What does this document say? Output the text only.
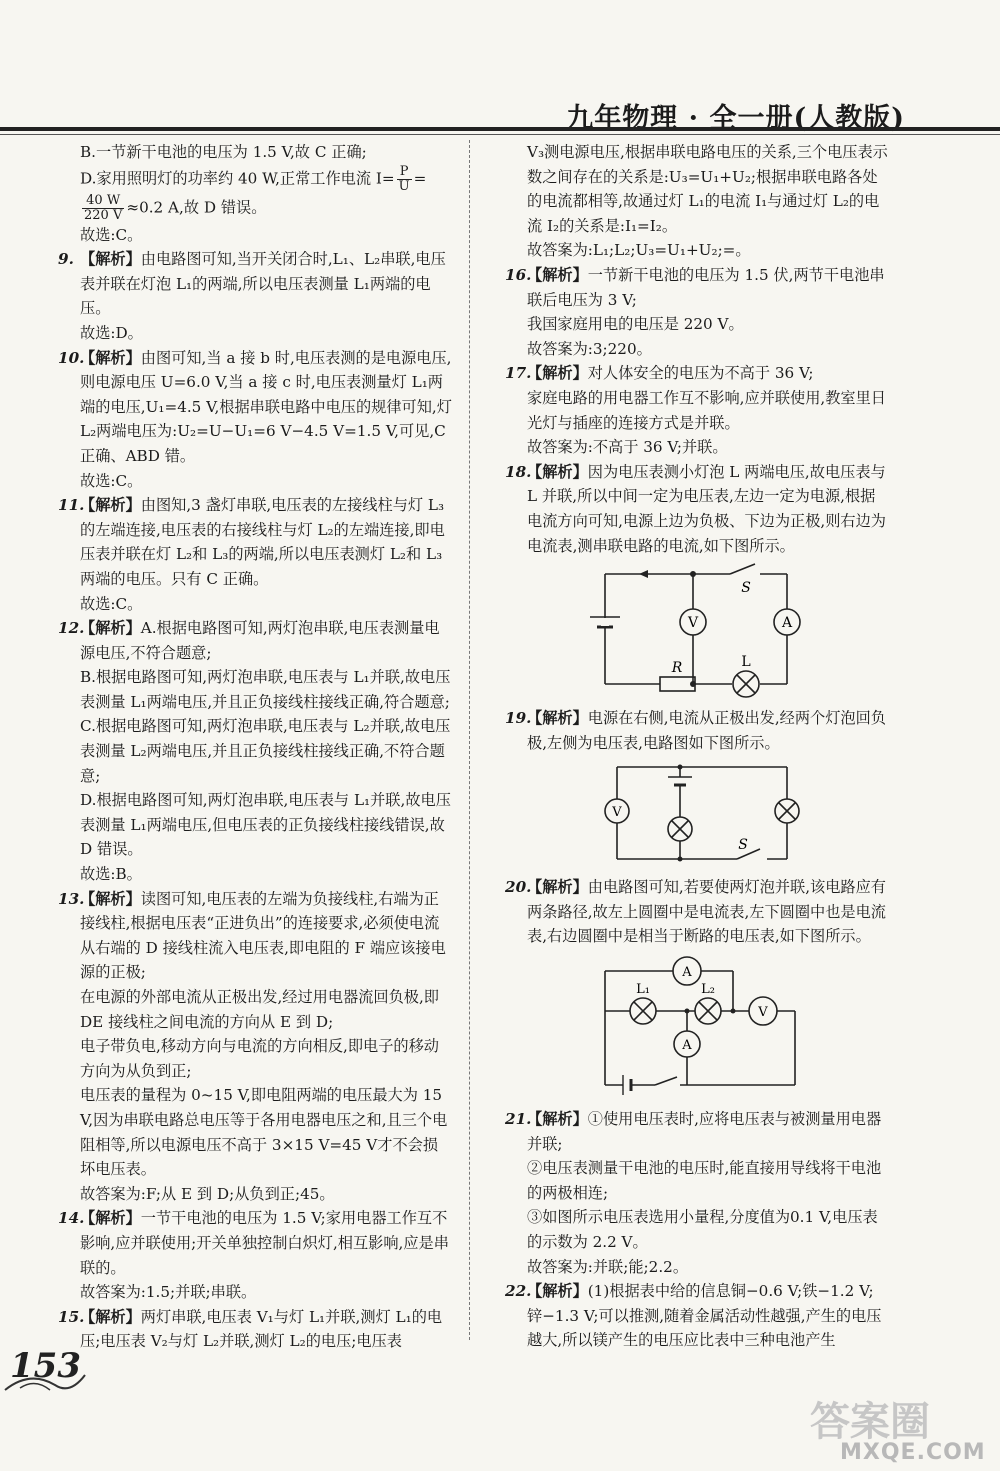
九年物理 · 全一册(人教版)

B.一节新干电池的电压为 1.5 V,故 C 正确;

D.家用照明灯的功率约 40 W,正常工作电流 $I= \frac{P}{U}$ =

$\frac{40 W}{220 V} \approx 0.2$ A,故 D 错误。

故选:C。

9. 【解析】由电路图可知,当开关闭合时,L₁、L₂串联,电压表并联在灯泡 L₁的两端,所以电压表测量 L₁两端的电压。

故选:D。

10.【解析】由图可知,当 a 接 b 时,电压表测的是电源电压,则电源电压 U=6.0 V,当 a 接 c 时,电压表测量灯 L₁两端的电压,U₁=4.5 V,根据串联电路中电压的规律可知,灯 L₂两端电压为:U₂=U−U₁=6 V−4.5 V=1.5 V,可见,C 正确、ABD 错。

故选:C。

11.【解析】由图知,3 盏灯串联,电压表的左接线柱与灯 L₃的左端连接,电压表的右接线柱与灯 L₂的左端连接,即电压表并联在灯 L₂和 L₃的两端,所以电压表测灯 L₂和 L₃两端的电压。只有 C 正确。

故选:C。

12.【解析】A.根据电路图可知,两灯泡串联,电压表测量电源电压,不符合题意;

B.根据电路图可知,两灯泡串联,电压表与 L₁并联,故电压表测量 L₁两端电压,并且正负接线柱接线正确,符合题意;

C.根据电路图可知,两灯泡串联,电压表与 L₂并联,故电压表测量 L₂两端电压,并且正负接线柱接线正确,不符合题意;

D.根据电路图可知,两灯泡串联,电压表与 L₁并联,故电压表测量 L₁两端电压,但电压表的正负接线柱接线错误,故 D 错误。

故选:B。

13.【解析】读图可知,电压表的左端为负接线柱,右端为正接线柱,根据电压表“正进负出”的连接要求,必须使电流从右端的 D 接线柱流入电压表,即电阻的 F 端应该接电源的正极;

在电源的外部电流从正极出发,经过用电器流回负极,即 DE 接线柱之间电流的方向从 E 到 D;

电子带负电,移动方向与电流的方向相反,即电子的移动方向为从负到正;

电压表的量程为 0~15 V,即电阻两端的电压最大为 15 V,因为串联电路总电压等于各用电器电压之和,且三个电阻相等,所以电源电压不高于 3×15 V=45 V才不会损坏电压表。

故答案为:F;从 E 到 D;从负到正;45。

14.【解析】一节干电池的电压为 1.5 V;家用电器工作互不影响,应并联使用;开关单独控制白炽灯,相互影响,应是串联的。

故答案为:1.5;并联;串联。

15.【解析】两灯串联,电压表 V₁与灯 L₁并联,测灯 L₁的电压;电压表 V₂与灯 L₂并联,测灯 L₂的电压;电压表

V₃测电源电压,根据串联电路电压的关系,三个电压表示数之间存在的关系是:U₃=U₁+U₂;根据串联电路各处的电流都相等,故通过灯 L₁的电流 I₁与通过灯 L₂的电流 I₂的关系是:I₁=I₂。

故答案为:L₁;L₂;U₃=U₁+U₂;=。

16.【解析】一节新干电池的电压为 1.5 伏,两节干电池串联后电压为 3 V;

我国家庭用电的电压是 220 V。

故答案为:3;220。

17.【解析】对人体安全的电压为不高于 36 V;

家庭电路的用电器工作互不影响,应并联使用,教室里日光灯与插座的连接方式是并联。

故答案为:不高于 36 V;并联。

18.【解析】因为电压表测小灯泡 L 两端电压,故电压表与 L 并联,所以中间一定为电压表,左边一定为电源,根据电流方向可知,电源上边为负极、下边为正极,则右边为电流表,测串联电路的电流,如下图所示。

V	A
S
R	L

19.【解析】电源在右侧,电流从正极出发,经两个灯泡回负极,左侧为电压表,电路图如下图所示。

V
S

20.【解析】由电路图可知,若要使两灯泡并联,该电路应有两条路径,故左上圆圈中是电流表,左下圆圈中也是电流表,右边圆圈中是相当于断路的电压表,如下图所示。

A
A
V
L₁	L₂

21.【解析】①使用电压表时,应将电压表与被测量用电器并联;

②电压表测量干电池的电压时,能直接用导线将干电池的两极相连;

③如图所示电压表选用小量程,分度值为0.1 V,电压表的示数为 2.2 V。

故答案为:并联;能;2.2。

22.【解析】(1)根据表中给的信息铜−0.6 V;铁−1.2 V;锌−1.3 V;可以推测,随着金属活动性越强,产生的电压越大,所以镁产生的电压应比表中三种电池产生

153
答案圈
MXQE.COM
